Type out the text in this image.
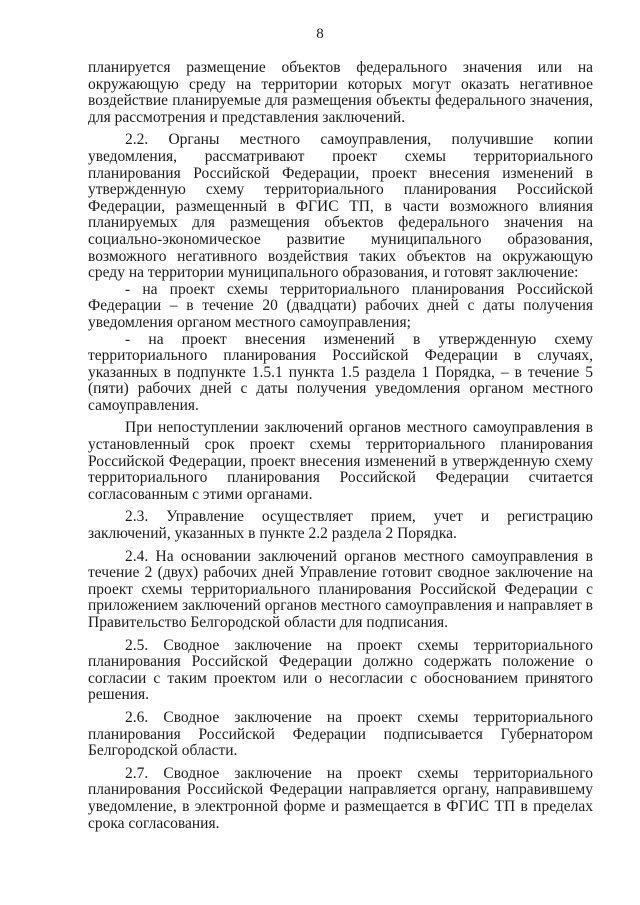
8

планируется размещение объектов федерального значения или на окружающую среду на территории которых могут оказать негативное воздействие планируемые для размещения объекты федерального значения, для рассмотрения и представления заключений.

2.2. Органы местного самоуправления, получившие копии уведомления, рассматривают проект схемы территориального планирования Российской Федерации, проект внесения изменений в утвержденную схему территориального планирования Российской Федерации, размещенный в ФГИС ТП, в части возможного влияния планируемых для размещения объектов федерального значения на социально-экономическое развитие муниципального образования, возможного негативного воздействия таких объектов на окружающую среду на территории муниципального образования, и готовят заключение:

- на проект схемы территориального планирования Российской Федерации – в течение 20 (двадцати) рабочих дней с даты получения уведомления органом местного самоуправления;

- на проект внесения изменений в утвержденную схему территориального планирования Российской Федерации в случаях, указанных в подпункте 1.5.1 пункта 1.5 раздела 1 Порядка, – в течение 5 (пяти) рабочих дней с даты получения уведомления органом местного самоуправления.

При непоступлении заключений органов местного самоуправления в установленный срок проект схемы территориального планирования Российской Федерации, проект внесения изменений в утвержденную схему территориального планирования Российской Федерации считается согласованным с этими органами.

2.3. Управление осуществляет прием, учет и регистрацию заключений, указанных в пункте 2.2 раздела 2 Порядка.

2.4. На основании заключений органов местного самоуправления в течение 2 (двух) рабочих дней Управление готовит сводное заключение на проект схемы территориального планирования Российской Федерации с приложением заключений органов местного самоуправления и направляет в Правительство Белгородской области для подписания.

2.5. Сводное заключение на проект схемы территориального планирования Российской Федерации должно содержать положение о согласии с таким проектом или о несогласии с обоснованием принятого решения.

2.6. Сводное заключение на проект схемы территориального планирования Российской Федерации подписывается Губернатором Белгородской области.

2.7. Сводное заключение на проект схемы территориального планирования Российской Федерации направляется органу, направившему уведомление, в электронной форме и размещается в ФГИС ТП в пределах срока согласования.
